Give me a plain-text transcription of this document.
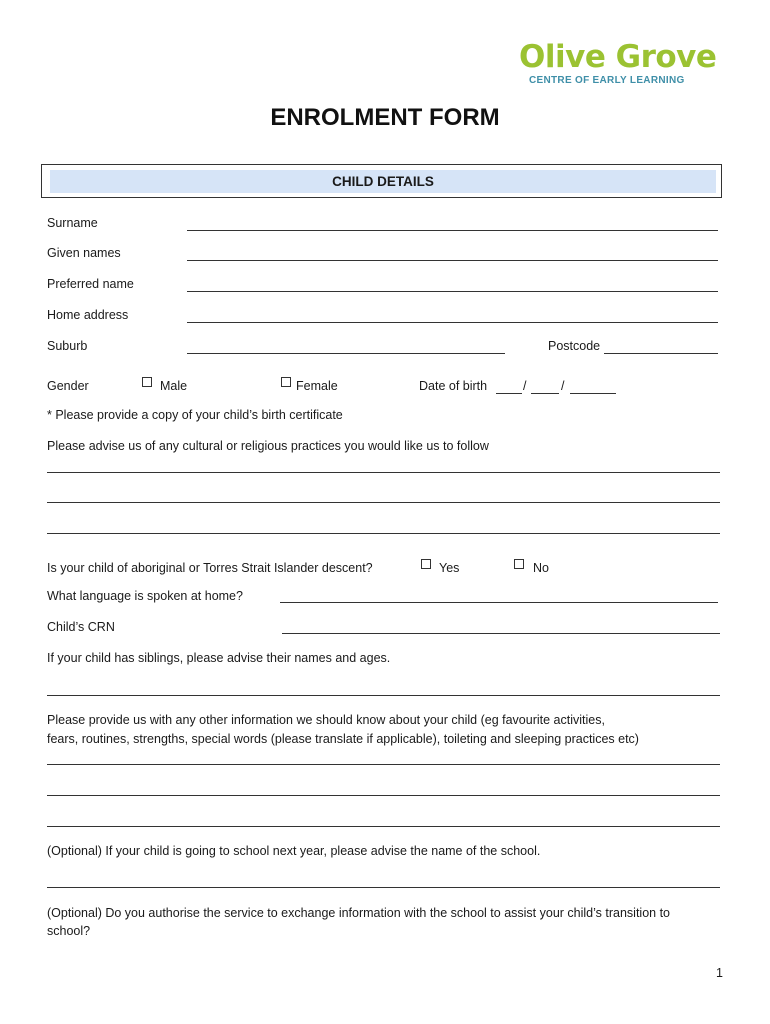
Olive Grove
CENTRE OF EARLY LEARNING
ENROLMENT FORM
CHILD DETAILS
Surname
Given names
Preferred name
Home address
Suburb	Postcode
Gender	Male	Female	Date of birth	/	/
* Please provide a copy of your child’s birth certificate
Please advise us of any cultural or religious practices you would like us to follow
Is your child of aboriginal or Torres Strait Islander descent?	Yes	No
What language is spoken at home?
Child’s CRN
If your child has siblings, please advise their names and ages.
Please provide us with any other information we should know about your child (eg favourite activities,
fears, routines, strengths, special words (please translate if applicable), toileting and sleeping practices etc)
(Optional) If your child is going to school next year, please advise the name of the school.
(Optional) Do you authorise the service to exchange information with the school to assist your child’s transition to
school?
1
